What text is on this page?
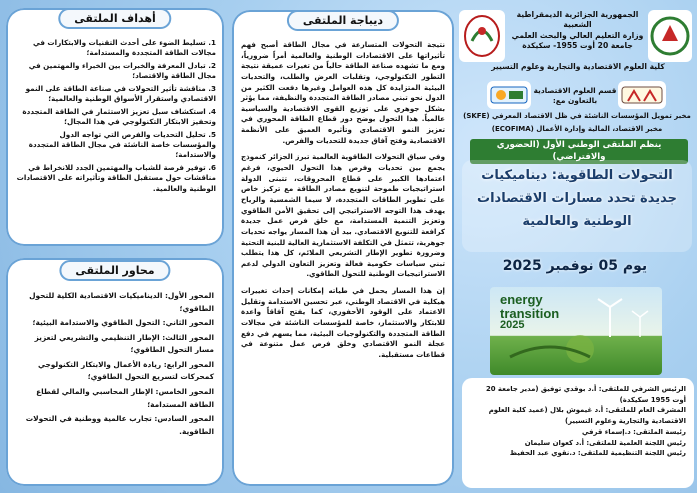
1. تسليط الضوء على أحدث التقنيات والابتكارات في مجالات الطاقة المتجددة والمستدامة؛
2. تبادل المعرفة والخبرات بين الخبراء والمهتمين في مجال الطاقة والاقتصاد؛
3. مناقشة تأثير التحولات في صناعة الطاقة على النمو الاقتصادي واستقرار الأسواق الوطنية والعالمية؛
4. استكشاف سبل تعزيز الاستثمار في الطاقة المتجددة وتحفيز الابتكار التكنولوجي في هذا المجال؛
5. تحليل التحديات والفرص التي تواجه الدول والمؤسسات خاصة الناشئة في مجال الطاقة المتجددة والاستدامة؛
6. توفير فرصة للشباب والمهتمين الجدد للانخراط في مناقشات حول مستقبل الطاقة وتأثيراته على الاقتصادات الوطنية والعالمية.
أهداف الملتقى
المحور الأول: الديناميكيات الاقتصادية الكلية للتحول الطاقوي؛
المحور الثاني: التحول الطاقوي والاستدامة البيئية؛
المحور الثالث: الإطار التنظيمي والتشريعي لتعزيز مسار التحول الطاقوي؛
المحور الرابع: ريادة الأعمال والابتكار التكنولوجي كمحركات لتسريع التحول الطاقوي؛
المحور الخامس: الإطار المحاسبي والمالي لقطاع الطاقة المستدامة؛
المحور السادس: تجارب عالمية ووطنية في التحولات الطاقوية.
محاور الملتقى

نتيجة التحولات المتسارعة في مجال الطاقة أصبح فهم تأثيراتها على الاقتصادات الوطنية والعالمية أمراً ضرورياً، ومع ما تشهده صناعة الطاقة حالياً من تغيرات عميقة نتيجة التطور التكنولوجي، وتقلبات العرض والطلب، والتحديات البيئية المتزايدة كل هذه العوامل وغيرها دفعت الكثير من الدول نحو تبني مصادر الطاقة المتجددة والنظيفة، مما يؤثر بشكل جوهري على توزيع القوى الاقتصادية والسياسية عالمياً. هذا التحول يوضح دور قطاع الطاقة المحوري في تعزيز النمو الاقتصادي وتأثيره العميق على الأنظمة الاقتصادية وفتح آفاق جديدة للتحديات والفرص.

وفي سياق التحولات الطاقوية العالمية تبرز الجزائر كنموذج يجمع بين تحديات وفرص هذا التحول الحيوي، فرغم اعتمادها الكبير على قطاع المحروقات، تتبنى الدولة استراتيجيات طموحة لتنويع مصادر الطاقة مع تركيز خاص على تطوير الطاقات المتجددة، لا سيما الشمسية والرياح يهدف هذا التوجه الاستراتيجي إلى تحقيق الأمن الطاقوي وتعزيز التنمية المستدامة، مع خلق فرص عمل جديدة كرافعة للتنويع الاقتصادي. بيد أن هذا المسار يواجه تحديات جوهرية، تتمثل في التكلفة الاستثمارية العالية للبنية التحتية وضرورة تطوير الإطار التشريعي الملائم، كل هذا يتطلب تبني سياسات حكومية فعالة وتعزيز التعاون الدولي لدعم الاستراتيجيات الوطنية للتحول الطاقوي.

إن هذا المسار يحمل في طياته إمكانات إحداث تغييرات هيكلية في الاقتصاد الوطني، عبر تحسين الاستدامة وتقليل الاعتماد على الوقود الأحفوري، كما يفتح آفاقاً واعدة للابتكار والاستثمار، خاصة للمؤسسات الناشئة في مجالات الطاقة المتجددة والتكنولوجيات البيئية، مما يسهم في دفع عجلة النمو الاقتصادي وخلق فرص عمل متنوعة في قطاعات مستقبلية.

ديباجة الملتقى	الجمهورية الجزائرية الديمقراطية الشعبية
وزارة التعليم العالي والبحث العلمي
جامعة 20 أوت 1955- سكيكدة
كلية العلوم الاقتصادية والتجارية وعلوم التسيير
قسم العلوم الاقتصادية
بالتعاون مع:
مخبر تمويل المؤسسات الناشئة في ظل الاقتصاد المعرفي (SKFE)
مخبر الاقتصاد، المالية وإدارة الأعمال (ECOFIMA)
ينظم الملتقى الوطني الأول (الحضوري والافتراضي)
التحولات الطاقوية: ديناميكيات
جديدة تحدد مسارات الاقتصادات
الوطنية والعالمية
يوم 05 نوفمبر 2025
energy
transition
2025
الرئيس الشرفي للملتقى: أ.د بوقدي توفيق (مدير جامعة 20 أوت 1955 سكيكدة)
المشرف العام للملتقى: أ.د غيموش بلال (عميد كلية العلوم الاقتصادية والتجارية وعلوم التسيير)
رئيسة الملتقى: د.إسماء قرفي
رئيس اللجنة العلمية للملتقى: أ.د كعوان سليمان
رئيس اللجنة التنظيمية للملتقى: د.نقوي عبد الحفيظ
